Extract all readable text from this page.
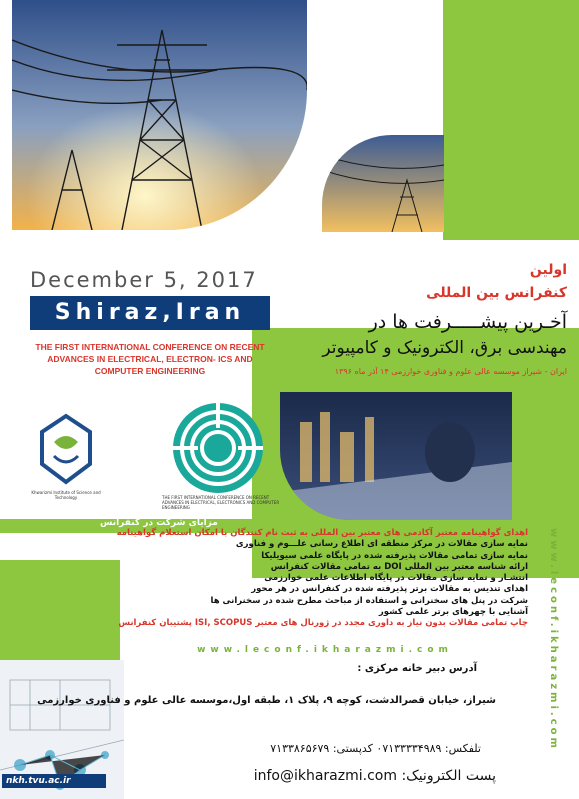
December 5, 2017
Shiraz,Iran
THE FIRST INTERNATIONAL CONFERENCE ON RECENT ADVANCES IN ELECTRICAL, ELECTRON- ICS AND COMPUTER ENGINEERING
اولین
کنفرانس بین المللی
آخـرین پیشـــــرفت ها در
مهندسی برق، الکترونیک و کامپیوتر
ایران - شیراز موسسه عالی علوم و فناوری خوارزمی ۱۴ آذر ماه ۱۳۹۶
Khwarizmi Institute of Science and Technology	THE FIRST INTERNATIONAL CONFERENCE ON RECENT ADVANCES IN ELECTRICAL, ELECTRONICS AND COMPUTER ENGINEERING
مزایای شرکت در کنفرانس
اهدای گواهینامه معتبر آکادمی های معتبر بین المللی به ثبت نام کنندگان با امکان استعلام گواهینامه
نمایه سازی مقالات در مرکز منطقه ای اطلاع رسانی علـــوم و فناوری
نمایه سازی تمامی مقالات پذیرفته شده در پایگاه علمی سیویلیکا
ارائه شناسه معتبر بین المللی DOI به تمامی مقالات کنفرانس
انتشـار و نمایه سازی مقالات در پایگاه اطلاعات علمی خوارزمی
اهدای تندیس به مقالات برتر پذیرفته شده در کنفرانس در هر محور
شرکت در پنل های سخنرانی و استفاده از مباحث مطرح شده در سخنرانی ها
آشنایی با چهرهای برتر علمی کشور
چاپ تمامی مقالات بدون نیاز به داوری مجدد در ژورنال های معتبر ISI, SCOPUS پشتیبان کنفرانس	www.leconf.ikharazmi.com
www.leconf.ikharazmi.com
آدرس دبیر خانه مرکزی :
شیراز، خیابان قصرالدشت، کوچه ۹، پلاک ۱، طبقه اول،موسسه عالی علوم و فناوری خوارزمی
تلفکس: ۰۷۱۳۳۳۳۴۹۸۹ کدپستی: ۷۱۳۳۸۶۵۶۷۹
پست الکترونیک: info@ikharazmi.com
nkh.tvu.ac.ir
